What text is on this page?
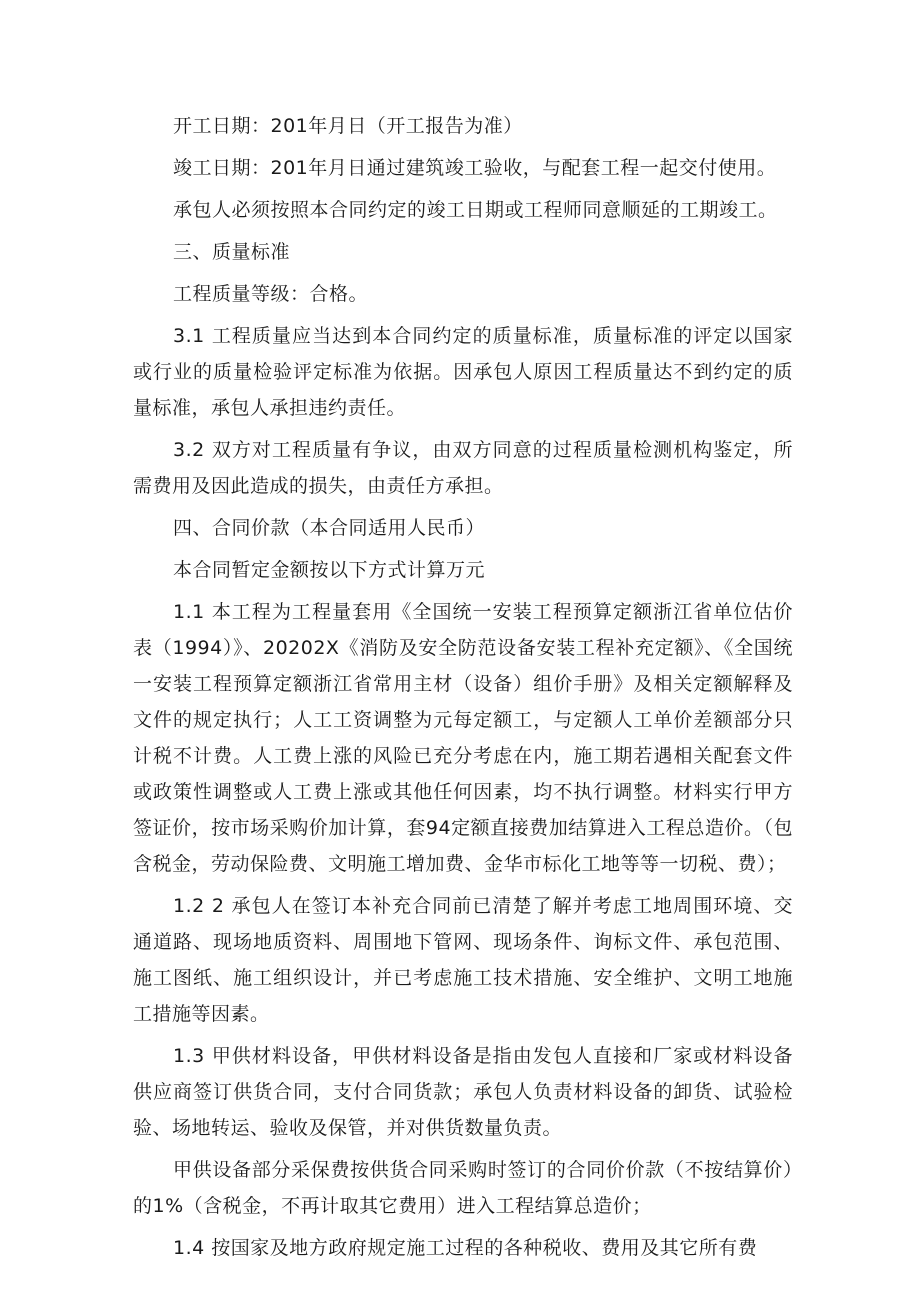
开工日期：201年月日（开工报告为准）

竣工日期：201年月日通过建筑竣工验收，与配套工程一起交付使用。

承包人必须按照本合同约定的竣工日期或工程师同意顺延的工期竣工。

三、质量标准

工程质量等级：合格。

3.1 工程质量应当达到本合同约定的质量标准，质量标准的评定以国家或行业的质量检验评定标准为依据。因承包人原因工程质量达不到约定的质量标准，承包人承担违约责任。

3.2 双方对工程质量有争议，由双方同意的过程质量检测机构鉴定，所需费用及因此造成的损失，由责任方承担。

四、合同价款（本合同适用人民币）

本合同暂定金额按以下方式计算万元

1.1 本工程为工程量套用《全国统一安装工程预算定额浙江省单位估价表（1994）》、20202X《消防及安全防范设备安装工程补充定额》、《全国统一安装工程预算定额浙江省常用主材（设备）组价手册》及相关定额解释及文件的规定执行；人工工资调整为元每定额工，与定额人工单价差额部分只计税不计费。人工费上涨的风险已充分考虑在内，施工期若遇相关配套文件或政策性调整或人工费上涨或其他任何因素，均不执行调整。材料实行甲方签证价，按市场采购价加计算，套94定额直接费加结算进入工程总造价。（包含税金，劳动保险费、文明施工增加费、金华市标化工地等等一切税、费）；

1.2 2 承包人在签订本补充合同前已清楚了解并考虑工地周围环境、交通道路、现场地质资料、周围地下管网、现场条件、询标文件、承包范围、施工图纸、施工组织设计，并已考虑施工技术措施、安全维护、文明工地施工措施等因素。

1.3 甲供材料设备，甲供材料设备是指由发包人直接和厂家或材料设备供应商签订供货合同，支付合同货款；承包人负责材料设备的卸货、试验检验、场地转运、验收及保管，并对供货数量负责。

甲供设备部分采保费按供货合同采购时签订的合同价价款（不按结算价）的1%（含税金，不再计取其它费用）进入工程结算总造价；

1.4 按国家及地方政府规定施工过程的各种税收、费用及其它所有费
